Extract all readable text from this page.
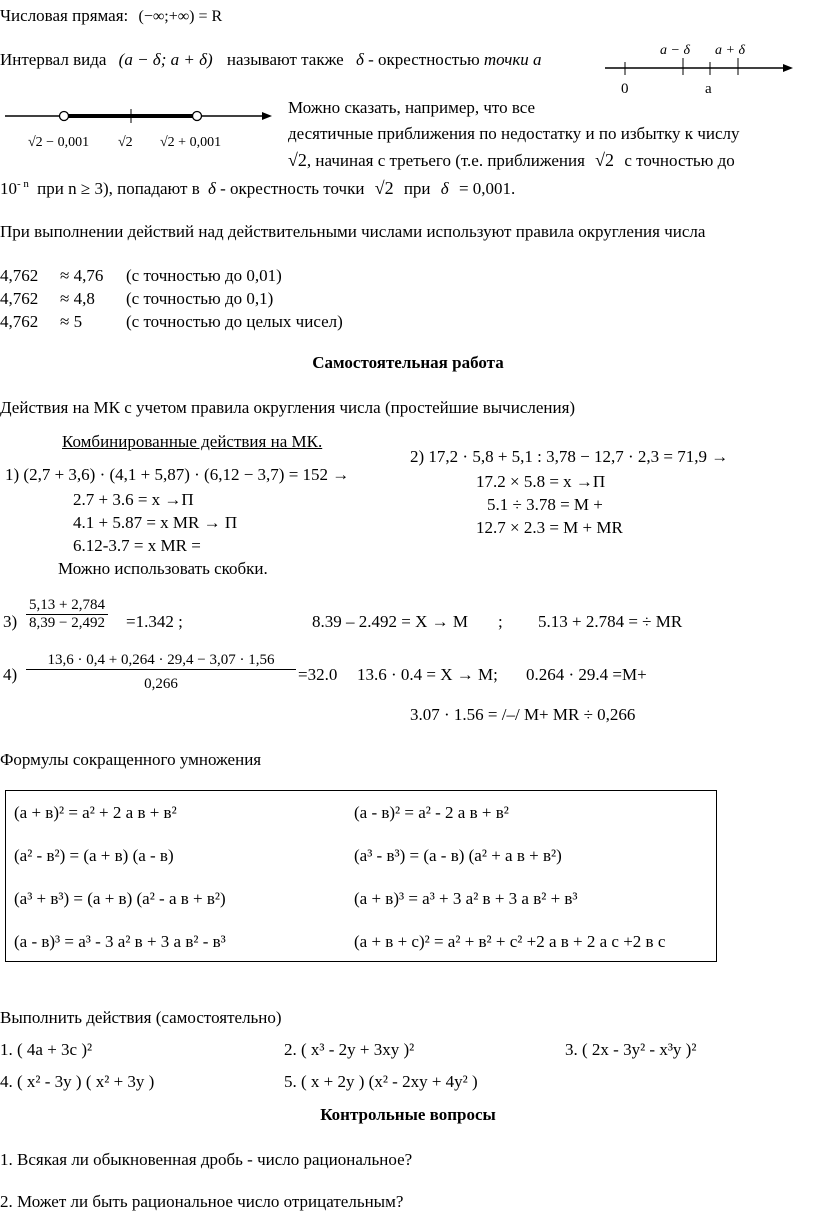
Числовая прямая: (−∞;+∞) = R
Интервал вида (a − δ; a + δ) называют также δ - окрестностью точки a	a − δ a + δ
0	a
√2 − 0,001 √2 √2 + 0,001
Можно сказать, например, что все
десятичные приближения по недостатку и по избытку к числу
√2, начиная с третьего (т.е. приближения √2 с точностью до
$10^{- n}$ при n ≥ 3), попадают в δ - окрестность точки √2 при δ = 0,001.
При выполнении действий над действительными числами используют правила округления числа
4,762 ≈ 4,76 (с точностью до 0,01)
4,762 ≈ 4,8 (с точностью до 0,1)
4,762 ≈ 5	(с точностью до целых чисел)
Самостоятельная работа
Действия на МК с учетом правила округления числа (простейшие вычисления)
Комбинированные действия на МК.
1) (2,7 + 3,6) · (4,1 + 5,87) · (6,12 − 3,7) = 152 →
2.7 + 3.6 = x →П
4.1 + 5.87 = x MR → П
6.12-3.7 = x MR =
Можно использовать скобки.
2) 17,2 · 5,8 + 5,1 : 3,78 − 12,7 · 2,3 = 71,9 →
17.2 × 5.8 = x →П
5.1 ÷ 3.78 = M +
12.7 × 2.3 = M + MR
$3) \frac{5,13 + 2,784}{8,39 - 2,492} =1.342$ ;	8.39 – 2.492 = X → M ; 5.13 + 2.784 = ÷ MR
$4) \frac{13,6 \cdot 0,4 + 0,264 \cdot 29,4 - 3,07 \cdot 1,56}{0,266} =32.0$ 13.6 · 0.4 = X → M; 0.264 · 29.4 =M+
3.07 · 1.56 = /–/ M+ MR ÷ 0,266
Формулы сокращенного умножения
(а + в)² = а² + 2 а в + в²	(а - в)² = а² - 2 а в + в²
(а² - в²) = (а + в) (а - в)	(а³ - в³) = (а - в) (а² + а в + в²)
(а³ + в³) = (а + в) (а² - а в + в²)	(а + в)³ = а³ + 3 а² в + 3 а в² + в³
(а - в)³ = а³ - 3 а² в + 3 а в² - в³	(а + в + с)² = а² + в² + с² +2 а в + 2 а с +2 в с
Выполнить действия (самостоятельно)
1. ( 4a + 3c )²	2. ( x³ - 2y + 3xy )²	3. ( 2x - 3y² - x³y )²
4. ( x² - 3y ) ( x² + 3y )	5. ( x + 2y ) (x² - 2xy + 4y² )
Контрольные вопросы
1. Всякая ли обыкновенная дробь - число рациональное?
2. Может ли быть рациональное число отрицательным?
